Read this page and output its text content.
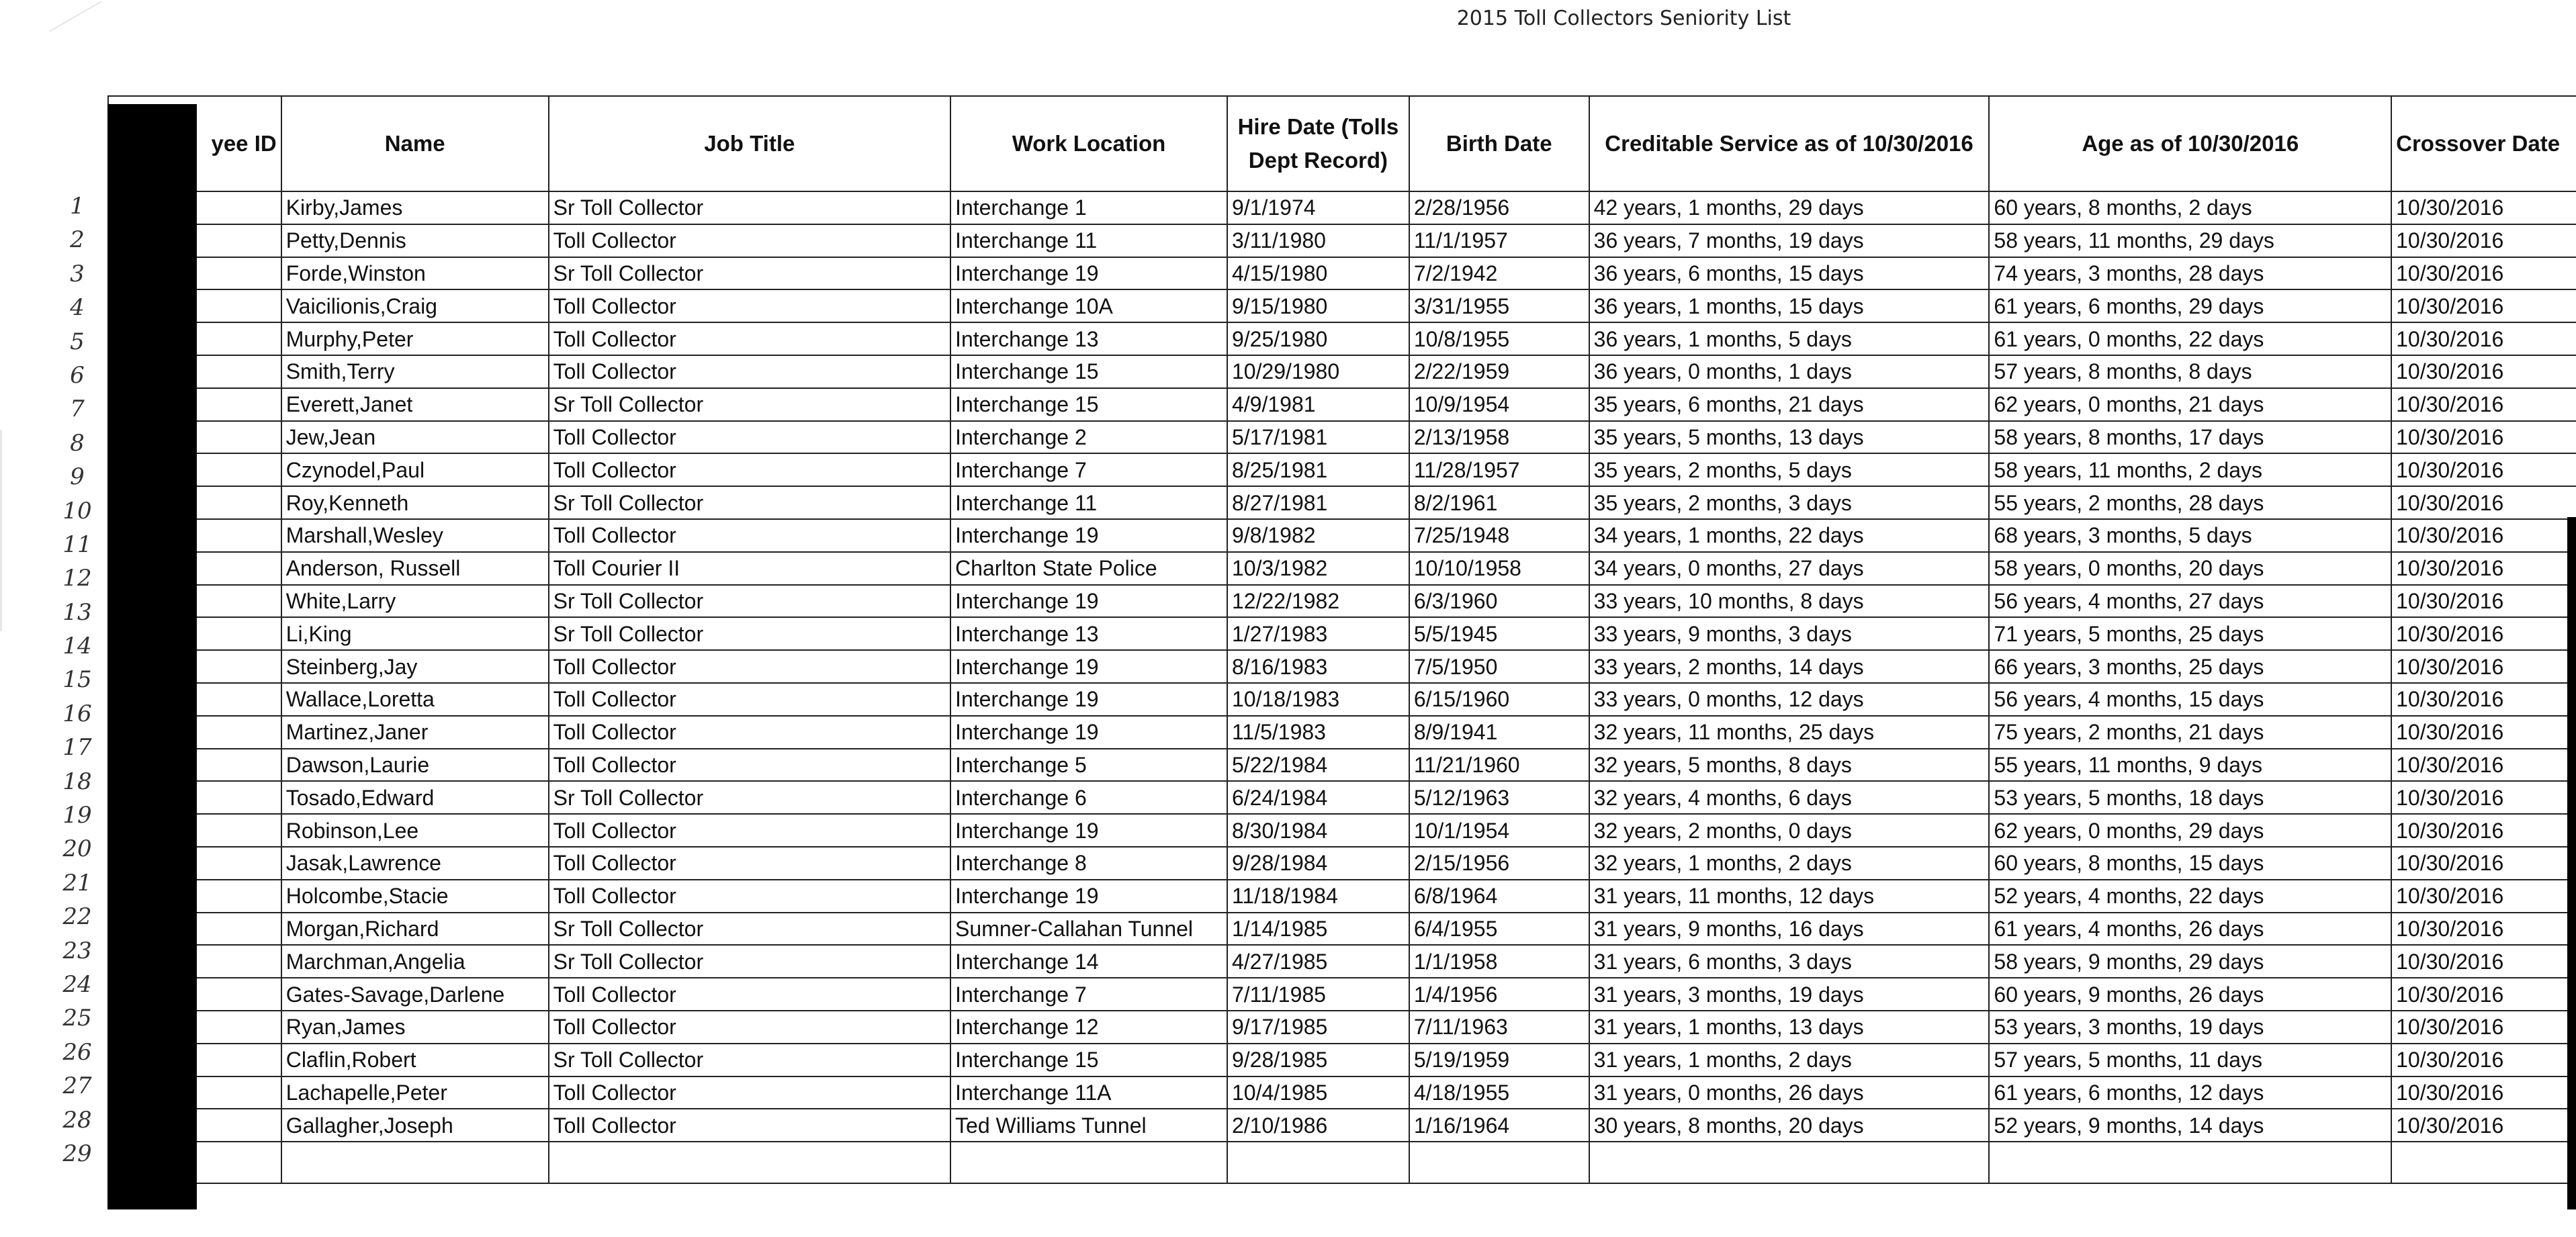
2015 Toll Collectors Seniority List
1
2
3
4
5
6
7
8
9
10
11
12
13
14
15
16
17
18
19
20
21
22
23
24
25
26
27
28
29
yee ID	Name	Job Title	Work Location	Hire Date (Tolls Dept Record)	Birth Date	Creditable Service as of 10/30/2016	Age as of 10/30/2016	Crossover Date
	Kirby,James	Sr Toll Collector	Interchange 1	9/1/1974	2/28/1956	42 years, 1 months, 29 days	60 years, 8 months, 2 days	10/30/2016
	Petty,Dennis	Toll Collector	Interchange 11	3/11/1980	11/1/1957	36 years, 7 months, 19 days	58 years, 11 months, 29 days	10/30/2016
	Forde,Winston	Sr Toll Collector	Interchange 19	4/15/1980	7/2/1942	36 years, 6 months, 15 days	74 years, 3 months, 28 days	10/30/2016
	Vaicilionis,Craig	Toll Collector	Interchange 10A	9/15/1980	3/31/1955	36 years, 1 months, 15 days	61 years, 6 months, 29 days	10/30/2016
	Murphy,Peter	Toll Collector	Interchange 13	9/25/1980	10/8/1955	36 years, 1 months, 5 days	61 years, 0 months, 22 days	10/30/2016
	Smith,Terry	Toll Collector	Interchange 15	10/29/1980	2/22/1959	36 years, 0 months, 1 days	57 years, 8 months, 8 days	10/30/2016
	Everett,Janet	Sr Toll Collector	Interchange 15	4/9/1981	10/9/1954	35 years, 6 months, 21 days	62 years, 0 months, 21 days	10/30/2016
	Jew,Jean	Toll Collector	Interchange 2	5/17/1981	2/13/1958	35 years, 5 months, 13 days	58 years, 8 months, 17 days	10/30/2016
	Czynodel,Paul	Toll Collector	Interchange 7	8/25/1981	11/28/1957	35 years, 2 months, 5 days	58 years, 11 months, 2 days	10/30/2016
	Roy,Kenneth	Sr Toll Collector	Interchange 11	8/27/1981	8/2/1961	35 years, 2 months, 3 days	55 years, 2 months, 28 days	10/30/2016
	Marshall,Wesley	Toll Collector	Interchange 19	9/8/1982	7/25/1948	34 years, 1 months, 22 days	68 years, 3 months, 5 days	10/30/2016
	Anderson, Russell	Toll Courier II	Charlton State Police	10/3/1982	10/10/1958	34 years, 0 months, 27 days	58 years, 0 months, 20 days	10/30/2016
	White,Larry	Sr Toll Collector	Interchange 19	12/22/1982	6/3/1960	33 years, 10 months, 8 days	56 years, 4 months, 27 days	10/30/2016
	Li,King	Sr Toll Collector	Interchange 13	1/27/1983	5/5/1945	33 years, 9 months, 3 days	71 years, 5 months, 25 days	10/30/2016
	Steinberg,Jay	Toll Collector	Interchange 19	8/16/1983	7/5/1950	33 years, 2 months, 14 days	66 years, 3 months, 25 days	10/30/2016
	Wallace,Loretta	Toll Collector	Interchange 19	10/18/1983	6/15/1960	33 years, 0 months, 12 days	56 years, 4 months, 15 days	10/30/2016
	Martinez,Janer	Toll Collector	Interchange 19	11/5/1983	8/9/1941	32 years, 11 months, 25 days	75 years, 2 months, 21 days	10/30/2016
	Dawson,Laurie	Toll Collector	Interchange 5	5/22/1984	11/21/1960	32 years, 5 months, 8 days	55 years, 11 months, 9 days	10/30/2016
	Tosado,Edward	Sr Toll Collector	Interchange 6	6/24/1984	5/12/1963	32 years, 4 months, 6 days	53 years, 5 months, 18 days	10/30/2016
	Robinson,Lee	Toll Collector	Interchange 19	8/30/1984	10/1/1954	32 years, 2 months, 0 days	62 years, 0 months, 29 days	10/30/2016
	Jasak,Lawrence	Toll Collector	Interchange 8	9/28/1984	2/15/1956	32 years, 1 months, 2 days	60 years, 8 months, 15 days	10/30/2016
	Holcombe,Stacie	Toll Collector	Interchange 19	11/18/1984	6/8/1964	31 years, 11 months, 12 days	52 years, 4 months, 22 days	10/30/2016
	Morgan,Richard	Sr Toll Collector	Sumner-Callahan Tunnel	1/14/1985	6/4/1955	31 years, 9 months, 16 days	61 years, 4 months, 26 days	10/30/2016
	Marchman,Angelia	Sr Toll Collector	Interchange 14	4/27/1985	1/1/1958	31 years, 6 months, 3 days	58 years, 9 months, 29 days	10/30/2016
	Gates-Savage,Darlene	Toll Collector	Interchange 7	7/11/1985	1/4/1956	31 years, 3 months, 19 days	60 years, 9 months, 26 days	10/30/2016
	Ryan,James	Toll Collector	Interchange 12	9/17/1985	7/11/1963	31 years, 1 months, 13 days	53 years, 3 months, 19 days	10/30/2016
	Claflin,Robert	Sr Toll Collector	Interchange 15	9/28/1985	5/19/1959	31 years, 1 months, 2 days	57 years, 5 months, 11 days	10/30/2016
	Lachapelle,Peter	Toll Collector	Interchange 11A	10/4/1985	4/18/1955	31 years, 0 months, 26 days	61 years, 6 months, 12 days	10/30/2016
	Gallagher,Joseph	Toll Collector	Ted Williams Tunnel	2/10/1986	1/16/1964	30 years, 8 months, 20 days	52 years, 9 months, 14 days	10/30/2016
